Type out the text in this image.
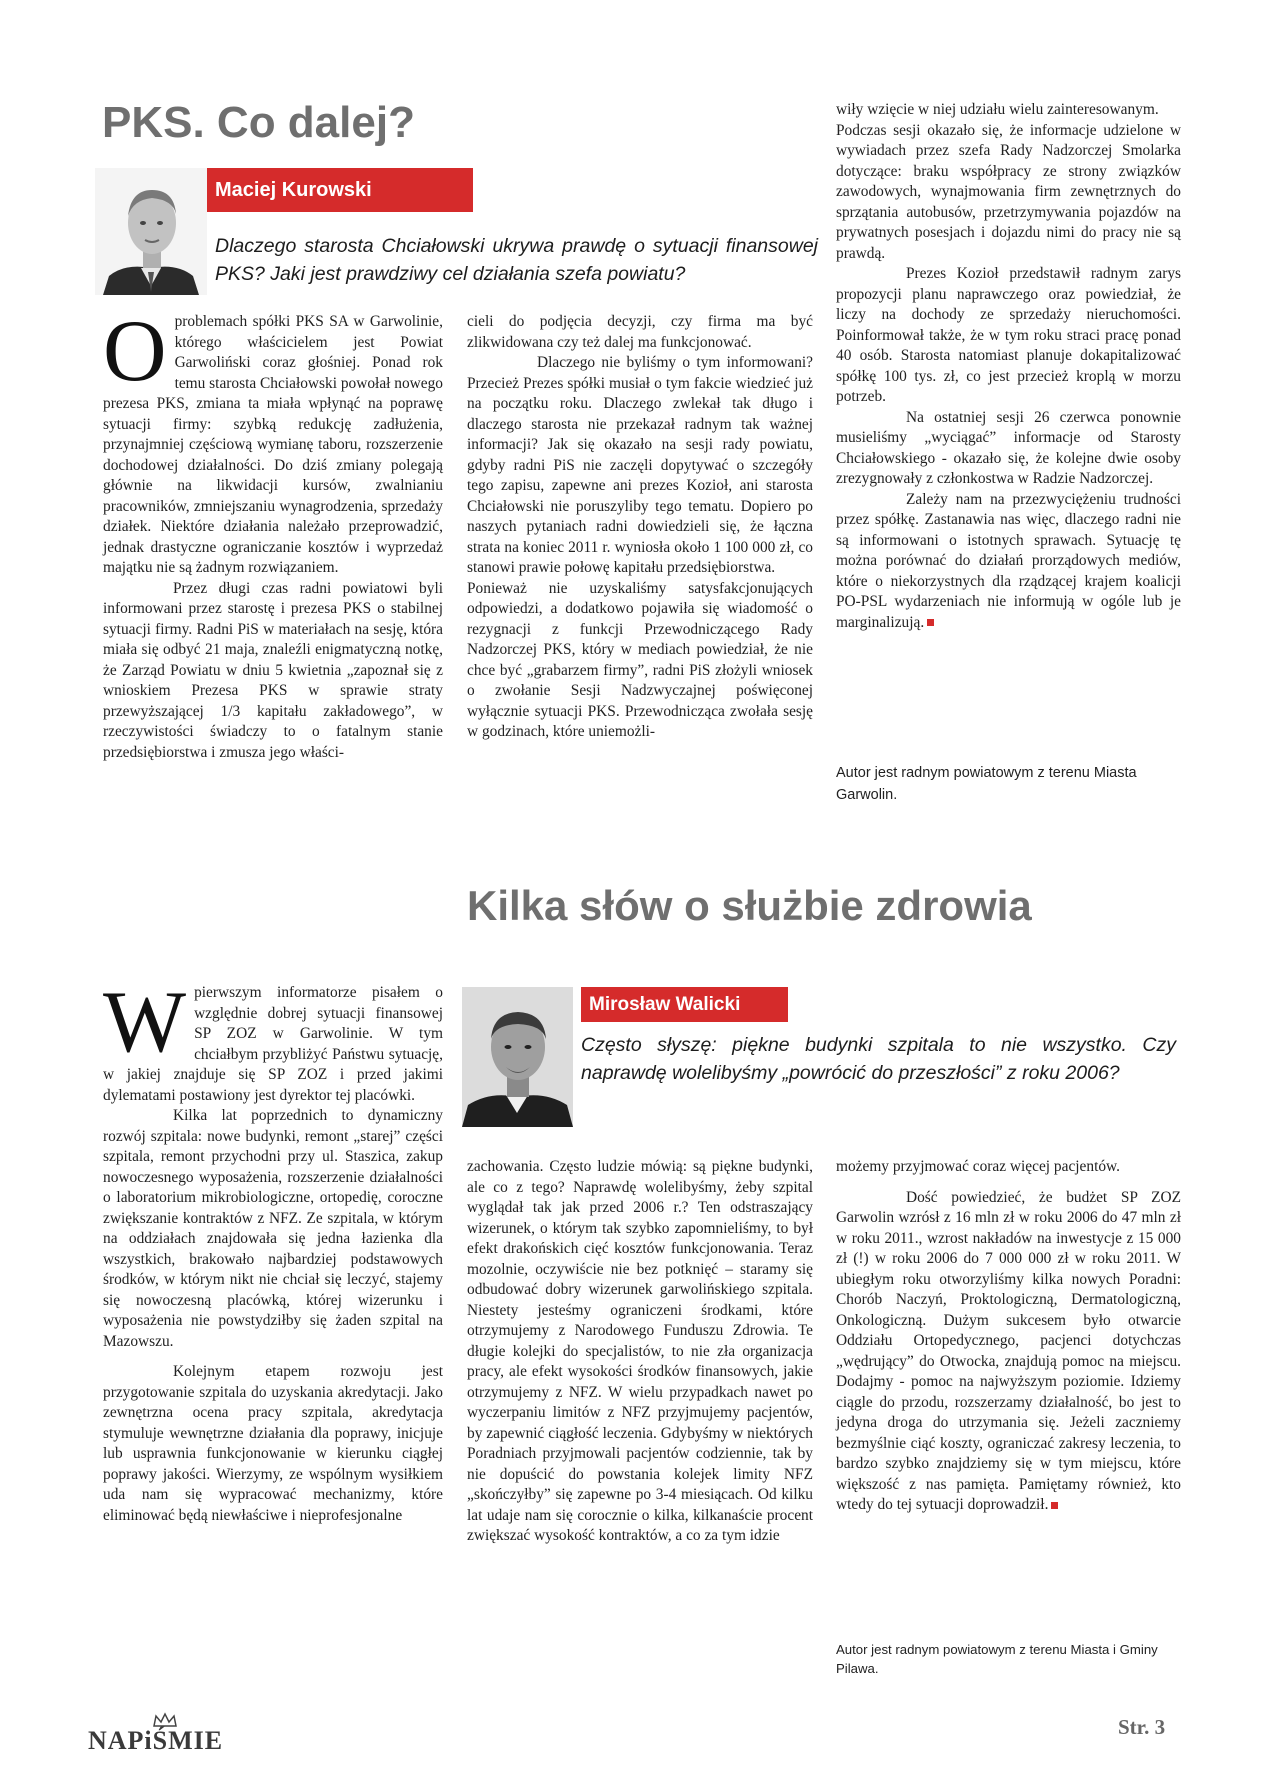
PKS. Co dalej?
Maciej Kurowski
Dlaczego starosta Chciałowski ukrywa prawdę o sytuacji finansowej PKS? Jaki jest prawdziwy cel działania szefa powiatu?
O problemach spółki PKS SA w Garwolinie, którego właścicielem jest Powiat Garwoliński coraz głośniej. Ponad rok temu starosta Chciałowski powołał nowego prezesa PKS, zmiana ta miała wpłynąć na poprawę sytuacji firmy: szybką redukcję zadłużenia, przynajmniej częściową wymianę taboru, rozszerzenie dochodowej działalności. Do dziś zmiany polegają głównie na likwidacji kursów, zwalnianiu pracowników, zmniejszaniu wynagrodzenia, sprzedaży działek. Niektóre działania należało przeprowadzić, jednak drastyczne ograniczanie kosztów i wyprzedaż majątku nie są żadnym rozwiązaniem.

Przez długi czas radni powiatowi byli informowani przez starostę i prezesa PKS o stabilnej sytuacji firmy. Radni PiS w materiałach na sesję, która miała się odbyć 21 maja, znaleźli enigmatyczną notkę, że Zarząd Powiatu w dniu 5 kwietnia „zapoznał się z wnioskiem Prezesa PKS w sprawie straty przewyższającej 1/3 kapitału zakładowego”, w rzeczywistości świadczy to o fatalnym stanie przedsiębiorstwa i zmusza jego właści-

cieli do podjęcia decyzji, czy firma ma być zlikwidowana czy też dalej ma funkcjonować.

Dlaczego nie byliśmy o tym informowani? Przecież Prezes spółki musiał o tym fakcie wiedzieć już na początku roku. Dlaczego zwlekał tak długo i dlaczego starosta nie przekazał radnym tak ważnej informacji? Jak się okazało na sesji rady powiatu, gdyby radni PiS nie zaczęli dopytywać o szczegóły tego zapisu, zapewne ani prezes Kozioł, ani starosta Chciałowski nie poruszyliby tego tematu. Dopiero po naszych pytaniach radni dowiedzieli się, że łączna strata na koniec 2011 r. wyniosła około 1 100 000 zł, co stanowi prawie połowę kapitału przedsiębiorstwa.

Ponieważ nie uzyskaliśmy satysfakcjonujących odpowiedzi, a dodatkowo pojawiła się wiadomość o rezygnacji z funkcji Przewodniczącego Rady Nadzorczej PKS, który w mediach powiedział, że nie chce być „grabarzem firmy”, radni PiS złożyli wniosek o zwołanie Sesji Nadzwyczajnej poświęconej wyłącznie sytuacji PKS. Przewodnicząca zwołała sesję w godzinach, które uniemożli-

wiły wzięcie w niej udziału wielu zainteresowanym.

Podczas sesji okazało się, że informacje udzielone w wywiadach przez szefa Rady Nadzorczej Smolarka dotyczące: braku współpracy ze strony związków zawodowych, wynajmowania firm zewnętrznych do sprzątania autobusów, przetrzymywania pojazdów na prywatnych posesjach i dojazdu nimi do pracy nie są prawdą.

Prezes Kozioł przedstawił radnym zarys propozycji planu naprawczego oraz powiedział, że liczy na dochody ze sprzedaży nieruchomości. Poinformował także, że w tym roku straci pracę ponad 40 osób. Starosta natomiast planuje dokapitalizować spółkę 100 tys. zł, co jest przecież kroplą w morzu potrzeb.

Na ostatniej sesji 26 czerwca ponownie musieliśmy „wyciągać” informacje od Starosty Chciałowskiego - okazało się, że kolejne dwie osoby zrezygnowały z członkostwa w Radzie Nadzorczej.

Zależy nam na przezwyciężeniu trudności przez spółkę. Zastanawia nas więc, dlaczego radni nie są informowani o istotnych sprawach. Sytuację tę można porównać do działań prorządowych mediów, które o niekorzystnych dla rządzącej krajem koalicji PO-PSL wydarzeniach nie informują w ogóle lub je marginalizują.

Autor jest radnym powiatowym z terenu Miasta Garwolin.
Kilka słów o służbie zdrowia
Mirosław Walicki
Często słyszę: piękne budynki szpitala to nie wszystko. Czy naprawdę wolelibyśmy „powrócić do przeszłości” z roku 2006?
W pierwszym informatorze pisałem o względnie dobrej sytuacji finansowej SP ZOZ w Garwolinie. W tym chciałbym przybliżyć Państwu sytuację, w jakiej znajduje się SP ZOZ i przed jakimi dylematami postawiony jest dyrektor tej placówki.

Kilka lat poprzednich to dynamiczny rozwój szpitala: nowe budynki, remont „starej” części szpitala, remont przychodni przy ul. Staszica, zakup nowoczesnego wyposażenia, rozszerzenie działalności o laboratorium mikrobiologiczne, ortopedię, coroczne zwiększanie kontraktów z NFZ. Ze szpitala, w którym na oddziałach znajdowała się jedna łazienka dla wszystkich, brakowało najbardziej podstawowych środków, w którym nikt nie chciał się leczyć, stajemy się nowoczesną placówką, której wizerunku i wyposażenia nie powstydziłby się żaden szpital na Mazowszu.

Kolejnym etapem rozwoju jest przygotowanie szpitala do uzyskania akredytacji. Jako zewnętrzna ocena pracy szpitala, akredytacja stymuluje wewnętrzne działania dla poprawy, inicjuje lub usprawnia funkcjonowanie w kierunku ciągłej poprawy jakości. Wierzymy, ze wspólnym wysiłkiem uda nam się wypracować mechanizmy, które eliminować będą niewłaściwe i nieprofesjonalne

zachowania. Często ludzie mówią: są piękne budynki, ale co z tego? Naprawdę wolelibyśmy, żeby szpital wyglądał tak jak przed 2006 r.? Ten odstraszający wizerunek, o którym tak szybko zapomnieliśmy, to był efekt drakońskich cięć kosztów funkcjonowania. Teraz mozolnie, oczywiście nie bez potknięć – staramy się odbudować dobry wizerunek garwolińskiego szpitala. Niestety jesteśmy ograniczeni środkami, które otrzymujemy z Narodowego Funduszu Zdrowia. Te długie kolejki do specjalistów, to nie zła organizacja pracy, ale efekt wysokości środków finansowych, jakie otrzymujemy z NFZ. W wielu przypadkach nawet po wyczerpaniu limitów z NFZ przyjmujemy pacjentów, by zapewnić ciągłość leczenia. Gdybyśmy w niektórych Poradniach przyjmowali pacjentów codziennie, tak by nie dopuścić do powstania kolejek limity NFZ „skończyłby” się zapewne po 3-4 miesiącach. Od kilku lat udaje nam się corocznie o kilka, kilkanaście procent zwiększać wysokość kontraktów, a co za tym idzie

możemy przyjmować coraz więcej pacjentów.

Dość powiedzieć, że budżet SP ZOZ Garwolin wzrósł z 16 mln zł w roku 2006 do 47 mln zł w roku 2011., wzrost nakładów na inwestycje z 15 000 zł (!) w roku 2006 do 7 000 000 zł w roku 2011. W ubiegłym roku otworzyliśmy kilka nowych Poradni: Chorób Naczyń, Proktologiczną, Dermatologiczną, Onkologiczną. Dużym sukcesem było otwarcie Oddziału Ortopedycznego, pacjenci dotychczas „wędrujący” do Otwocka, znajdują pomoc na miejscu. Dodajmy - pomoc na najwyższym poziomie. Idziemy ciągle do przodu, rozszerzamy działalność, bo jest to jedyna droga do utrzymania się. Jeżeli zaczniemy bezmyślnie ciąć koszty, ograniczać zakresy leczenia, to bardzo szybko znajdziemy się w tym miejscu, które większość z nas pamięta. Pamiętamy również, kto wtedy do tej sytuacji doprowadził.

Autor jest radnym powiatowym z terenu Miasta i Gminy Pilawa.
NAPiŚMIE	Str. 3
